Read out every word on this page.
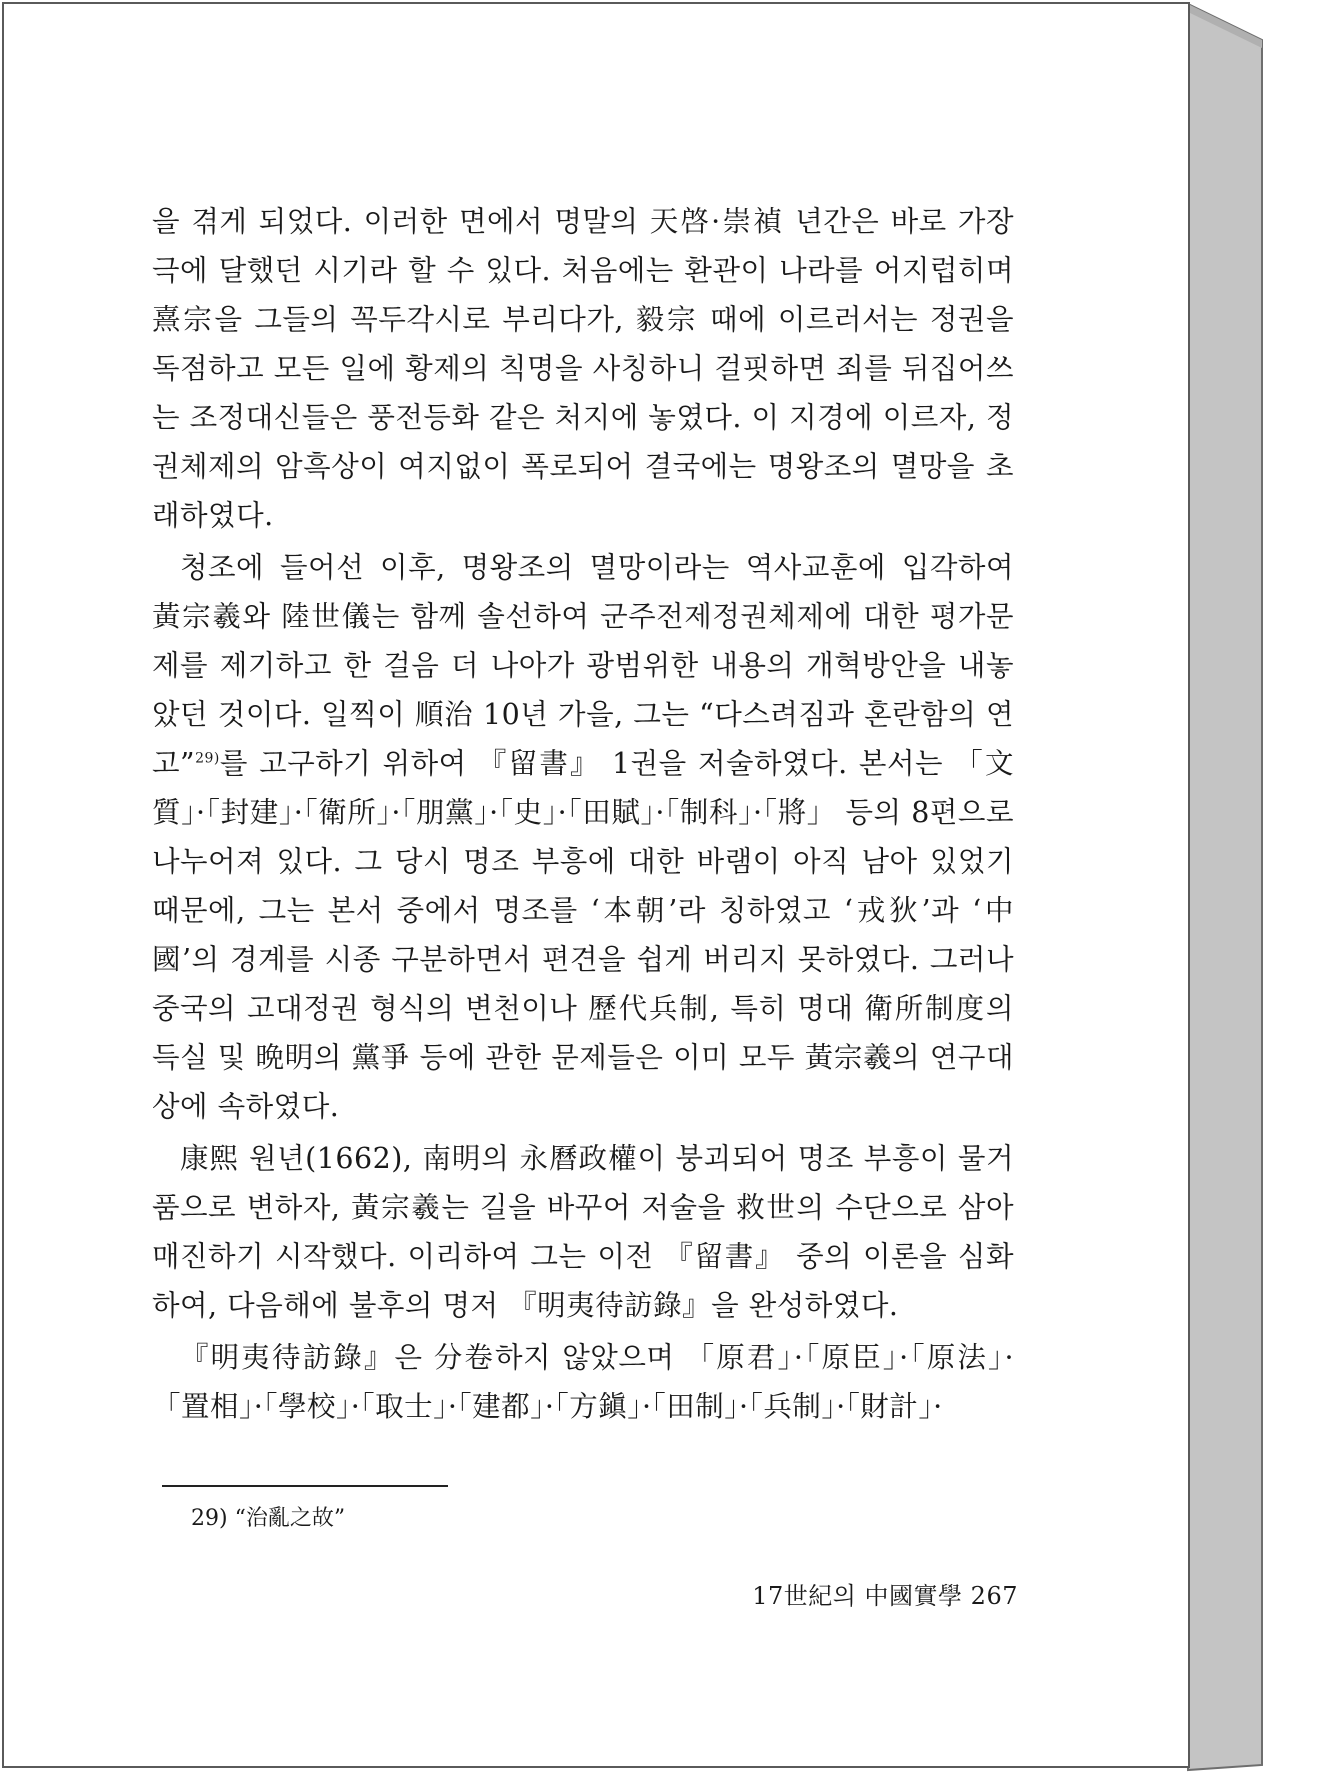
을 겪게 되었다. 이러한 면에서 명말의 天啓·崇禎 년간은 바로 가장 극에 달했던 시기라 할 수 있다. 처음에는 환관이 나라를 어지럽히며 熹宗을 그들의 꼭두각시로 부리다가, 毅宗 때에 이르러서는 정권을 독점하고 모든 일에 황제의 칙명을 사칭하니 걸핏하면 죄를 뒤집어쓰는 조정대신들은 풍전등화 같은 처지에 놓였다. 이 지경에 이르자, 정권체제의 암흑상이 여지없이 폭로되어 결국에는 명왕조의 멸망을 초래하였다.

청조에 들어선 이후, 명왕조의 멸망이라는 역사교훈에 입각하여 黃宗羲와 陸世儀는 함께 솔선하여 군주전제정권체제에 대한 평가문제를 제기하고 한 걸음 더 나아가 광범위한 내용의 개혁방안을 내놓았던 것이다. 일찍이 順治 10년 가을, 그는 “다스려짐과 혼란함의 연고”$^{29)}$를 고구하기 위하여 『留書』 1권을 저술하였다. 본서는 「文質」·「封建」·「衛所」·「朋黨」·「史」·「田賦」·「制科」·「將」 등의 8편으로 나누어져 있다. 그 당시 명조 부흥에 대한 바램이 아직 남아 있었기 때문에, 그는 본서 중에서 명조를 ‘本朝’라 칭하였고 ‘戎狄’과 ‘中國’의 경계를 시종 구분하면서 편견을 쉽게 버리지 못하였다. 그러나 중국의 고대정권 형식의 변천이나 歷代兵制, 특히 명대 衛所制度의 득실 및 晩明의 黨爭 등에 관한 문제들은 이미 모두 黃宗羲의 연구대상에 속하였다.

康熙 원년(1662), 南明의 永曆政權이 붕괴되어 명조 부흥이 물거품으로 변하자, 黃宗羲는 길을 바꾸어 저술을 救世의 수단으로 삼아 매진하기 시작했다. 이리하여 그는 이전 『留書』 중의 이론을 심화하여, 다음해에 불후의 명저 『明夷待訪錄』을 완성하였다.

『明夷待訪錄』은 分卷하지 않았으며 「原君」·「原臣」·「原法」·「置相」·「學校」·「取士」·「建都」·「方鎭」·「田制」·「兵制」·「財計」·

29) “治亂之故”
17世紀의 中國實學 267
